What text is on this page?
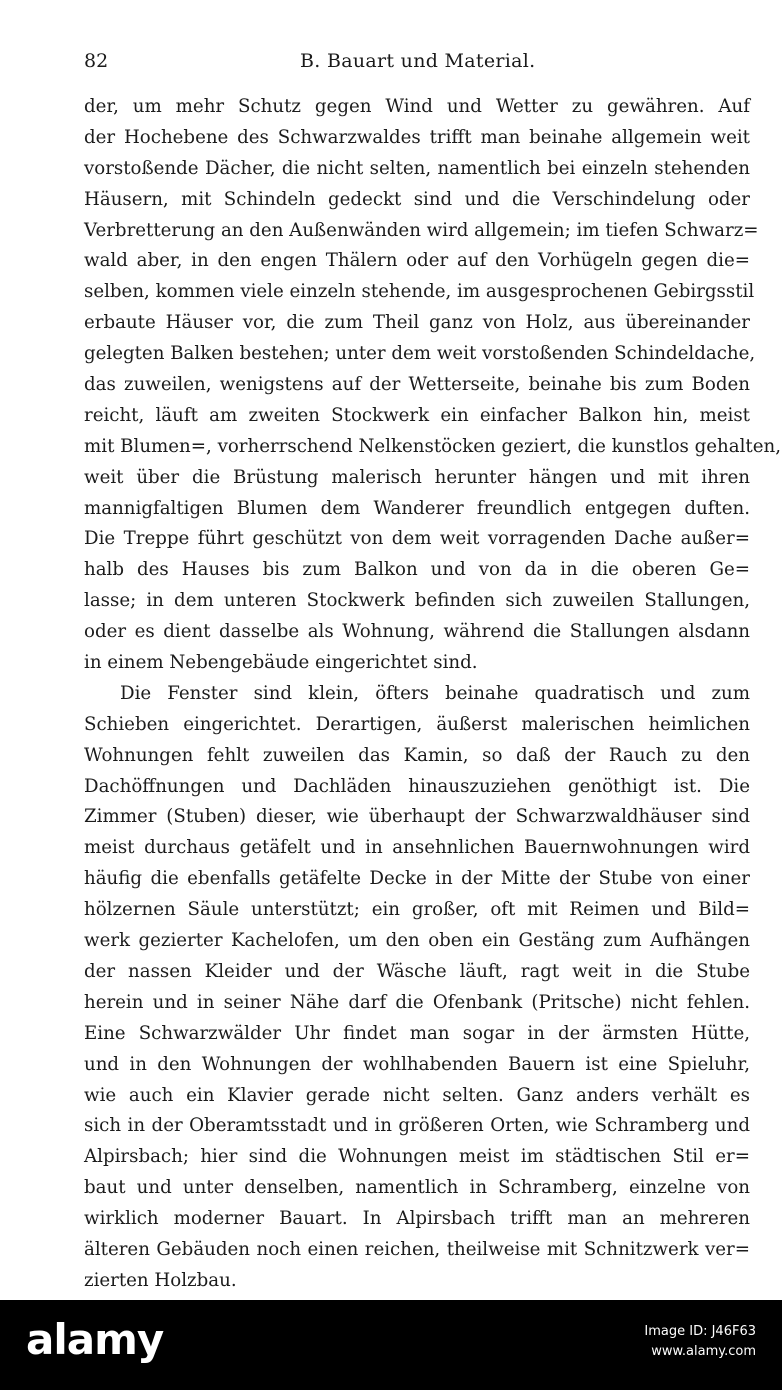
82	B. Bauart und Material.
der, um mehr Schutz gegen Wind und Wetter zu gewähren. Auf
der Hochebene des Schwarzwaldes trifft man beinahe allgemein weit
vorstoßende Dächer, die nicht selten, namentlich bei einzeln stehenden
Häusern, mit Schindeln gedeckt sind und die Verschindelung oder
Verbretterung an den Außenwänden wird allgemein; im tiefen Schwarz=
wald aber, in den engen Thälern oder auf den Vorhügeln gegen die=
selben, kommen viele einzeln stehende, im ausgesprochenen Gebirgsstil
erbaute Häuser vor, die zum Theil ganz von Holz, aus übereinander
gelegten Balken bestehen; unter dem weit vorstoßenden Schindeldache,
das zuweilen, wenigstens auf der Wetterseite, beinahe bis zum Boden
reicht, läuft am zweiten Stockwerk ein einfacher Balkon hin, meist
mit Blumen=, vorherrschend Nelkenstöcken geziert, die kunstlos gehalten,
weit über die Brüstung malerisch herunter hängen und mit ihren
mannigfaltigen Blumen dem Wanderer freundlich entgegen duften.
Die Treppe führt geschützt von dem weit vorragenden Dache außer=
halb des Hauses bis zum Balkon und von da in die oberen Ge=
lasse; in dem unteren Stockwerk befinden sich zuweilen Stallungen,
oder es dient dasselbe als Wohnung, während die Stallungen alsdann
in einem Nebengebäude eingerichtet sind.
Die Fenster sind klein, öfters beinahe quadratisch und zum
Schieben eingerichtet. Derartigen, äußerst malerischen heimlichen
Wohnungen fehlt zuweilen das Kamin, so daß der Rauch zu den
Dachöffnungen und Dachläden hinauszuziehen genöthigt ist. Die
Zimmer (Stuben) dieser, wie überhaupt der Schwarzwaldhäuser sind
meist durchaus getäfelt und in ansehnlichen Bauernwohnungen wird
häufig die ebenfalls getäfelte Decke in der Mitte der Stube von einer
hölzernen Säule unterstützt; ein großer, oft mit Reimen und Bild=
werk gezierter Kachelofen, um den oben ein Gestäng zum Aufhängen
der nassen Kleider und der Wäsche läuft, ragt weit in die Stube
herein und in seiner Nähe darf die Ofenbank (Pritsche) nicht fehlen.
Eine Schwarzwälder Uhr findet man sogar in der ärmsten Hütte,
und in den Wohnungen der wohlhabenden Bauern ist eine Spieluhr,
wie auch ein Klavier gerade nicht selten. Ganz anders verhält es
sich in der Oberamtsstadt und in größeren Orten, wie Schramberg und
Alpirsbach; hier sind die Wohnungen meist im städtischen Stil er=
baut und unter denselben, namentlich in Schramberg, einzelne von
wirklich moderner Bauart. In Alpirsbach trifft man an mehreren
älteren Gebäuden noch einen reichen, theilweise mit Schnitzwerk ver=
zierten Holzbau.
alamy	Image ID: J46F63
www.alamy.com
